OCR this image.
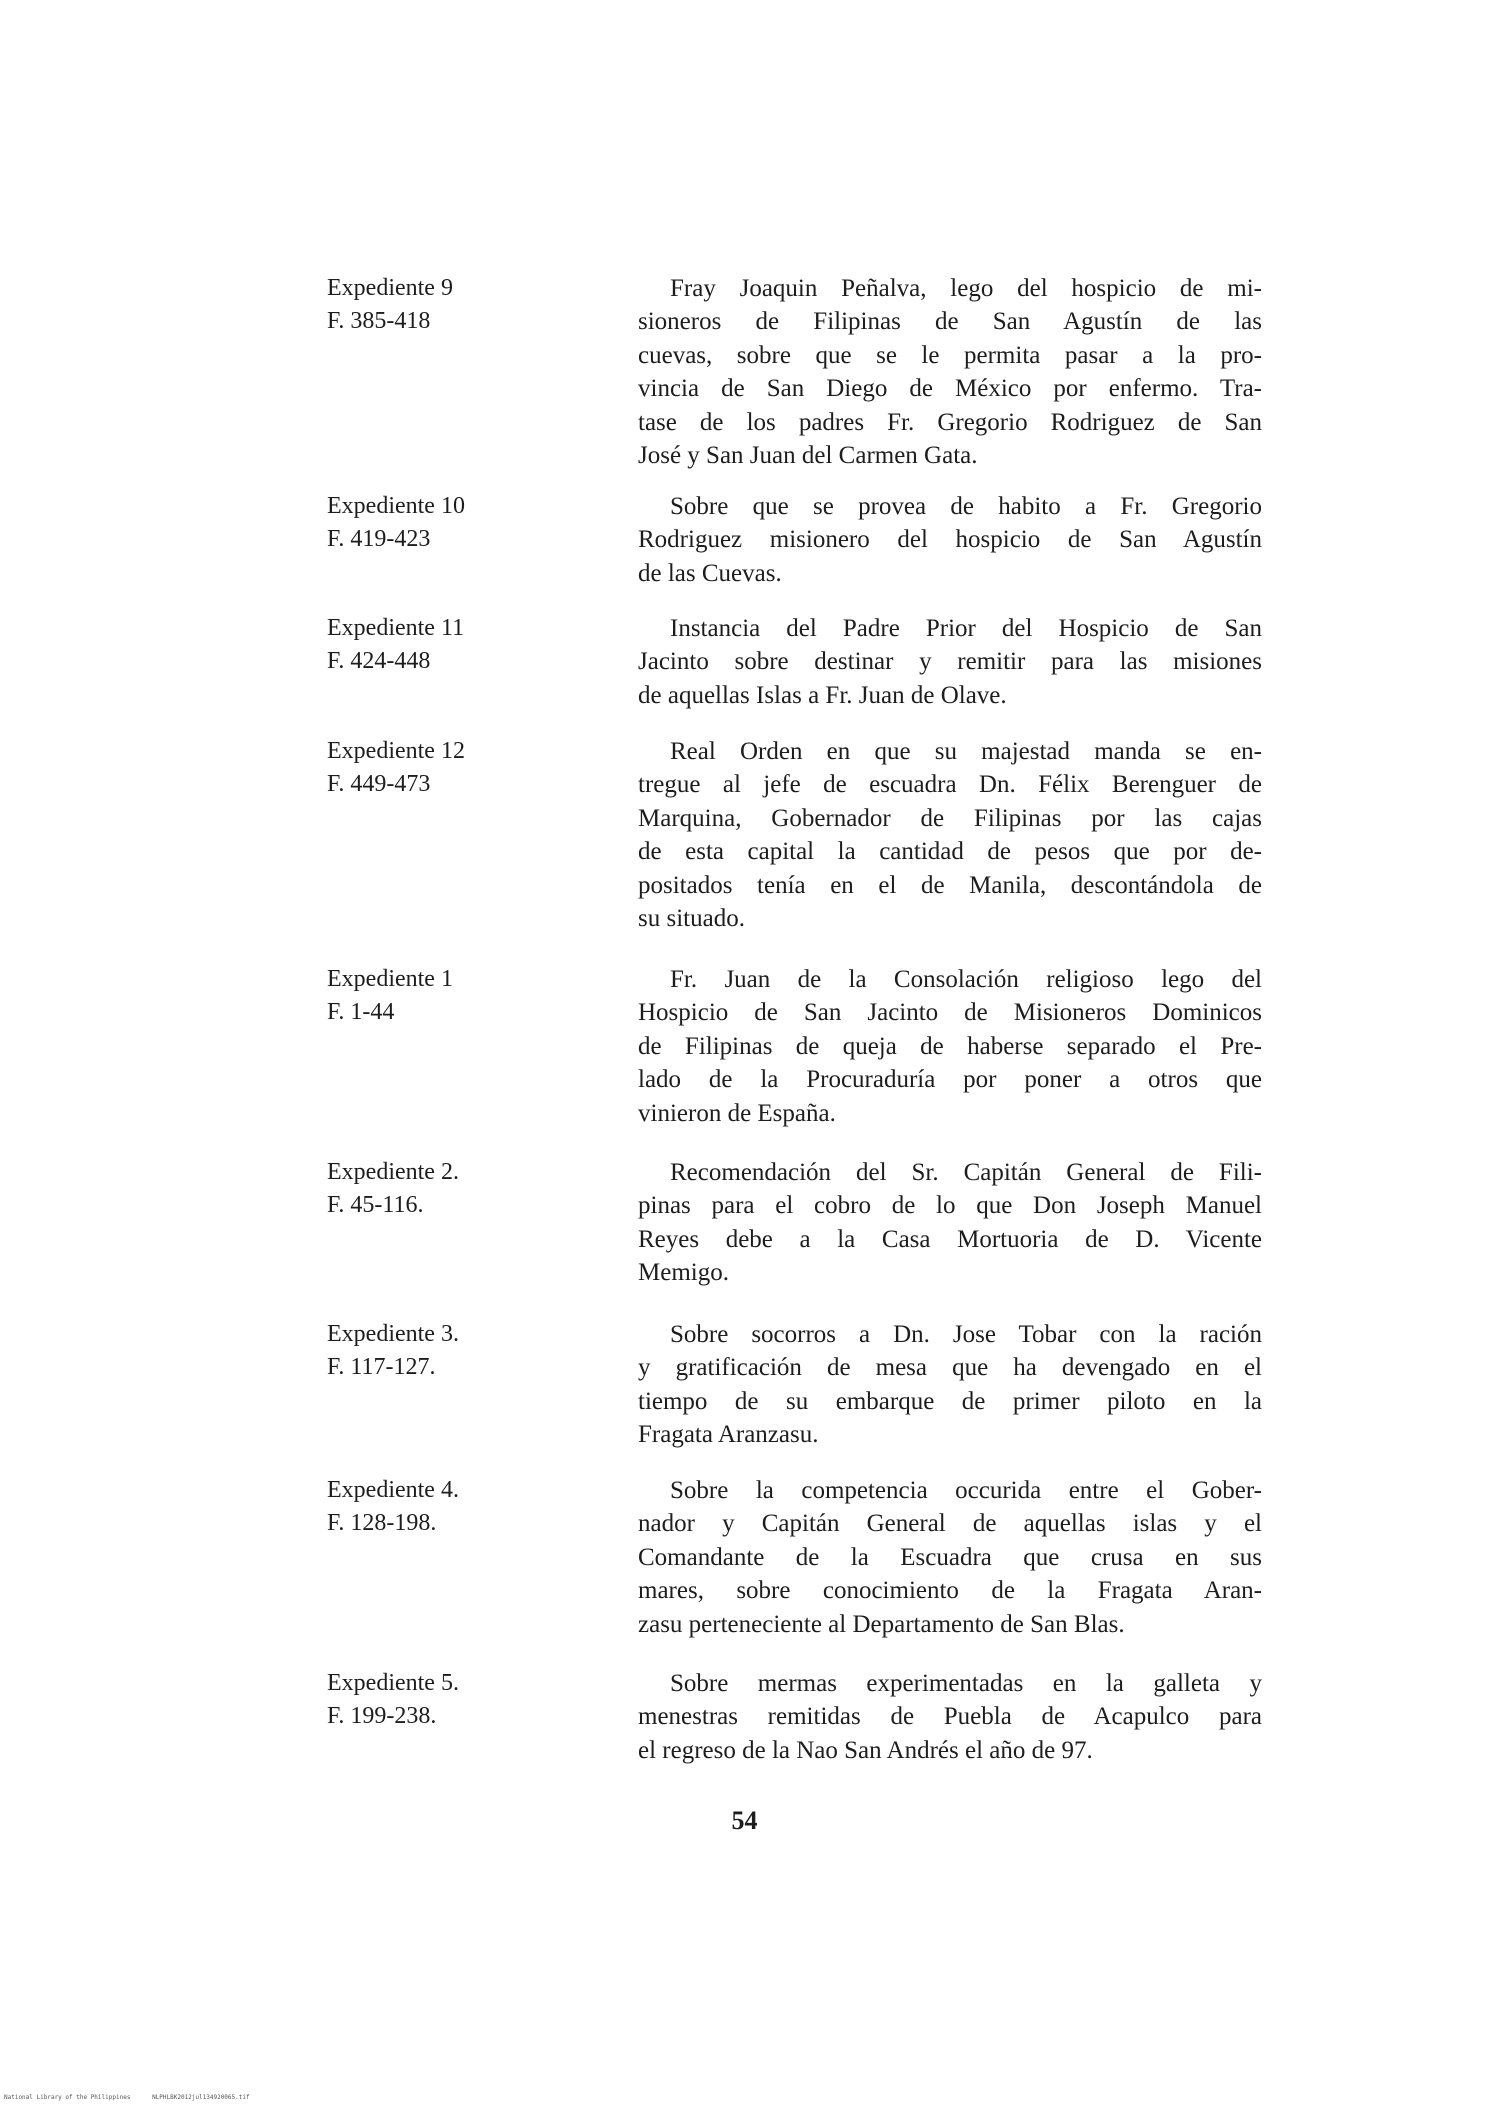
Expediente 9
F. 385-418
Fray Joaquin Peñalva, lego del hospicio de mi-
sioneros de Filipinas de San Agustín de las
cuevas, sobre que se le permita pasar a la pro-
vincia de San Diego de México por enfermo. Tra-
tase de los padres Fr. Gregorio Rodriguez de San
José y San Juan del Carmen Gata.
Expediente 10
F. 419-423
Sobre que se provea de habito a Fr. Gregorio
Rodriguez misionero del hospicio de San Agustín
de las Cuevas.
Expediente 11
F. 424-448
Instancia del Padre Prior del Hospicio de San
Jacinto sobre destinar y remitir para las misiones
de aquellas Islas a Fr. Juan de Olave.
Expediente 12
F. 449-473
Real Orden en que su majestad manda se en-
tregue al jefe de escuadra Dn. Félix Berenguer de
Marquina, Gobernador de Filipinas por las cajas
de esta capital la cantidad de pesos que por de-
positados tenía en el de Manila, descontándola de
su situado.
Expediente 1
F. 1-44
Fr. Juan de la Consolación religioso lego del
Hospicio de San Jacinto de Misioneros Dominicos
de Filipinas de queja de haberse separado el Pre-
lado de la Procuraduría por poner a otros que
vinieron de España.
Expediente 2.
F. 45-116.
Recomendación del Sr. Capitán General de Fili-
pinas para el cobro de lo que Don Joseph Manuel
Reyes debe a la Casa Mortuoria de D. Vicente
Memigo.
Expediente 3.
F. 117-127.
Sobre socorros a Dn. Jose Tobar con la ración
y gratificación de mesa que ha devengado en el
tiempo de su embarque de primer piloto en la
Fragata Aranzasu.
Expediente 4.
F. 128-198.
Sobre la competencia occurida entre el Gober-
nador y Capitán General de aquellas islas y el
Comandante de la Escuadra que crusa en sus
mares, sobre conocimiento de la Fragata Aran-
zasu perteneciente al Departamento de San Blas.
Expediente 5.
F. 199-238.
Sobre mermas experimentadas en la galleta y
menestras remitidas de Puebla de Acapulco para
el regreso de la Nao San Andrés el año de 97.
54
National Library of the Philippines	NLPHLBK2012jul134920065.tif
